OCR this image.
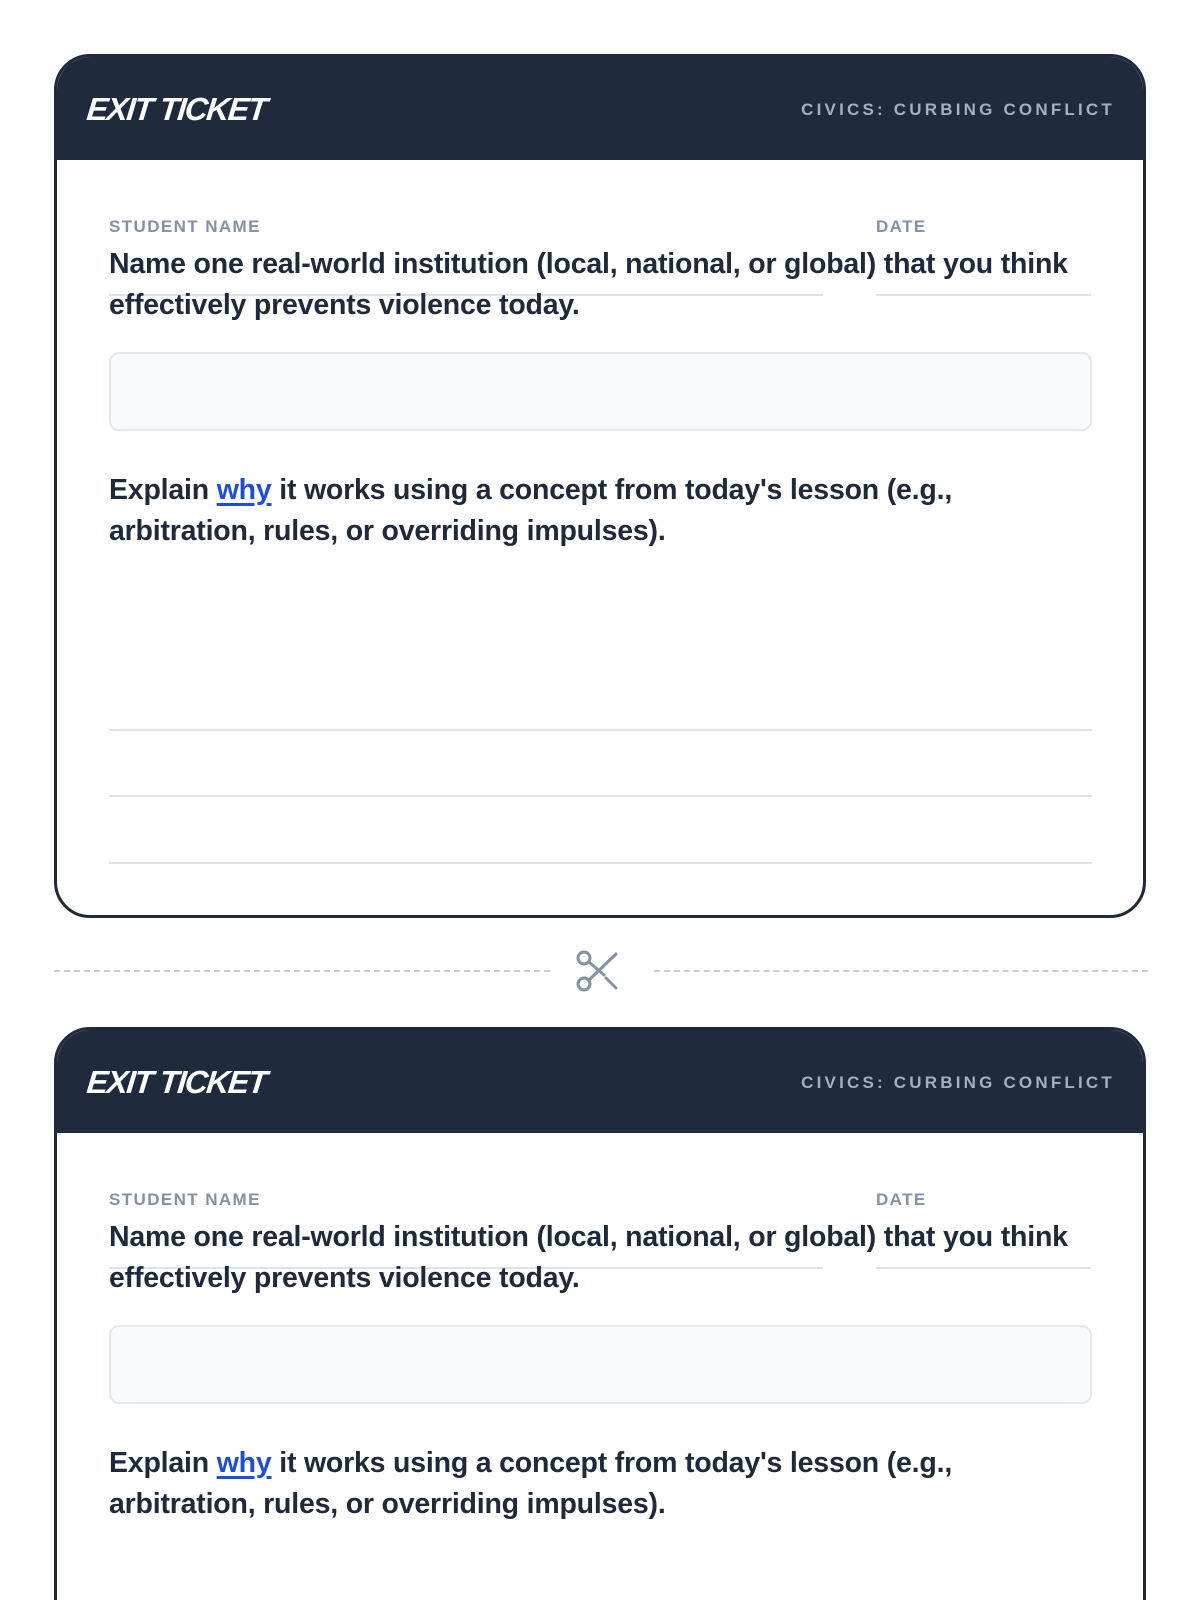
EXIT TICKET	CIVICS: CURBING CONFLICT
STUDENT NAME	DATE
Name one real-world institution (local, national, or global) that you think effectively prevents violence today.
Explain why it works using a concept from today's lesson (e.g., arbitration, rules, or overriding impulses).
EXIT TICKET	CIVICS: CURBING CONFLICT
STUDENT NAME	DATE
Name one real-world institution (local, national, or global) that you think effectively prevents violence today.
Explain why it works using a concept from today's lesson (e.g., arbitration, rules, or overriding impulses).
